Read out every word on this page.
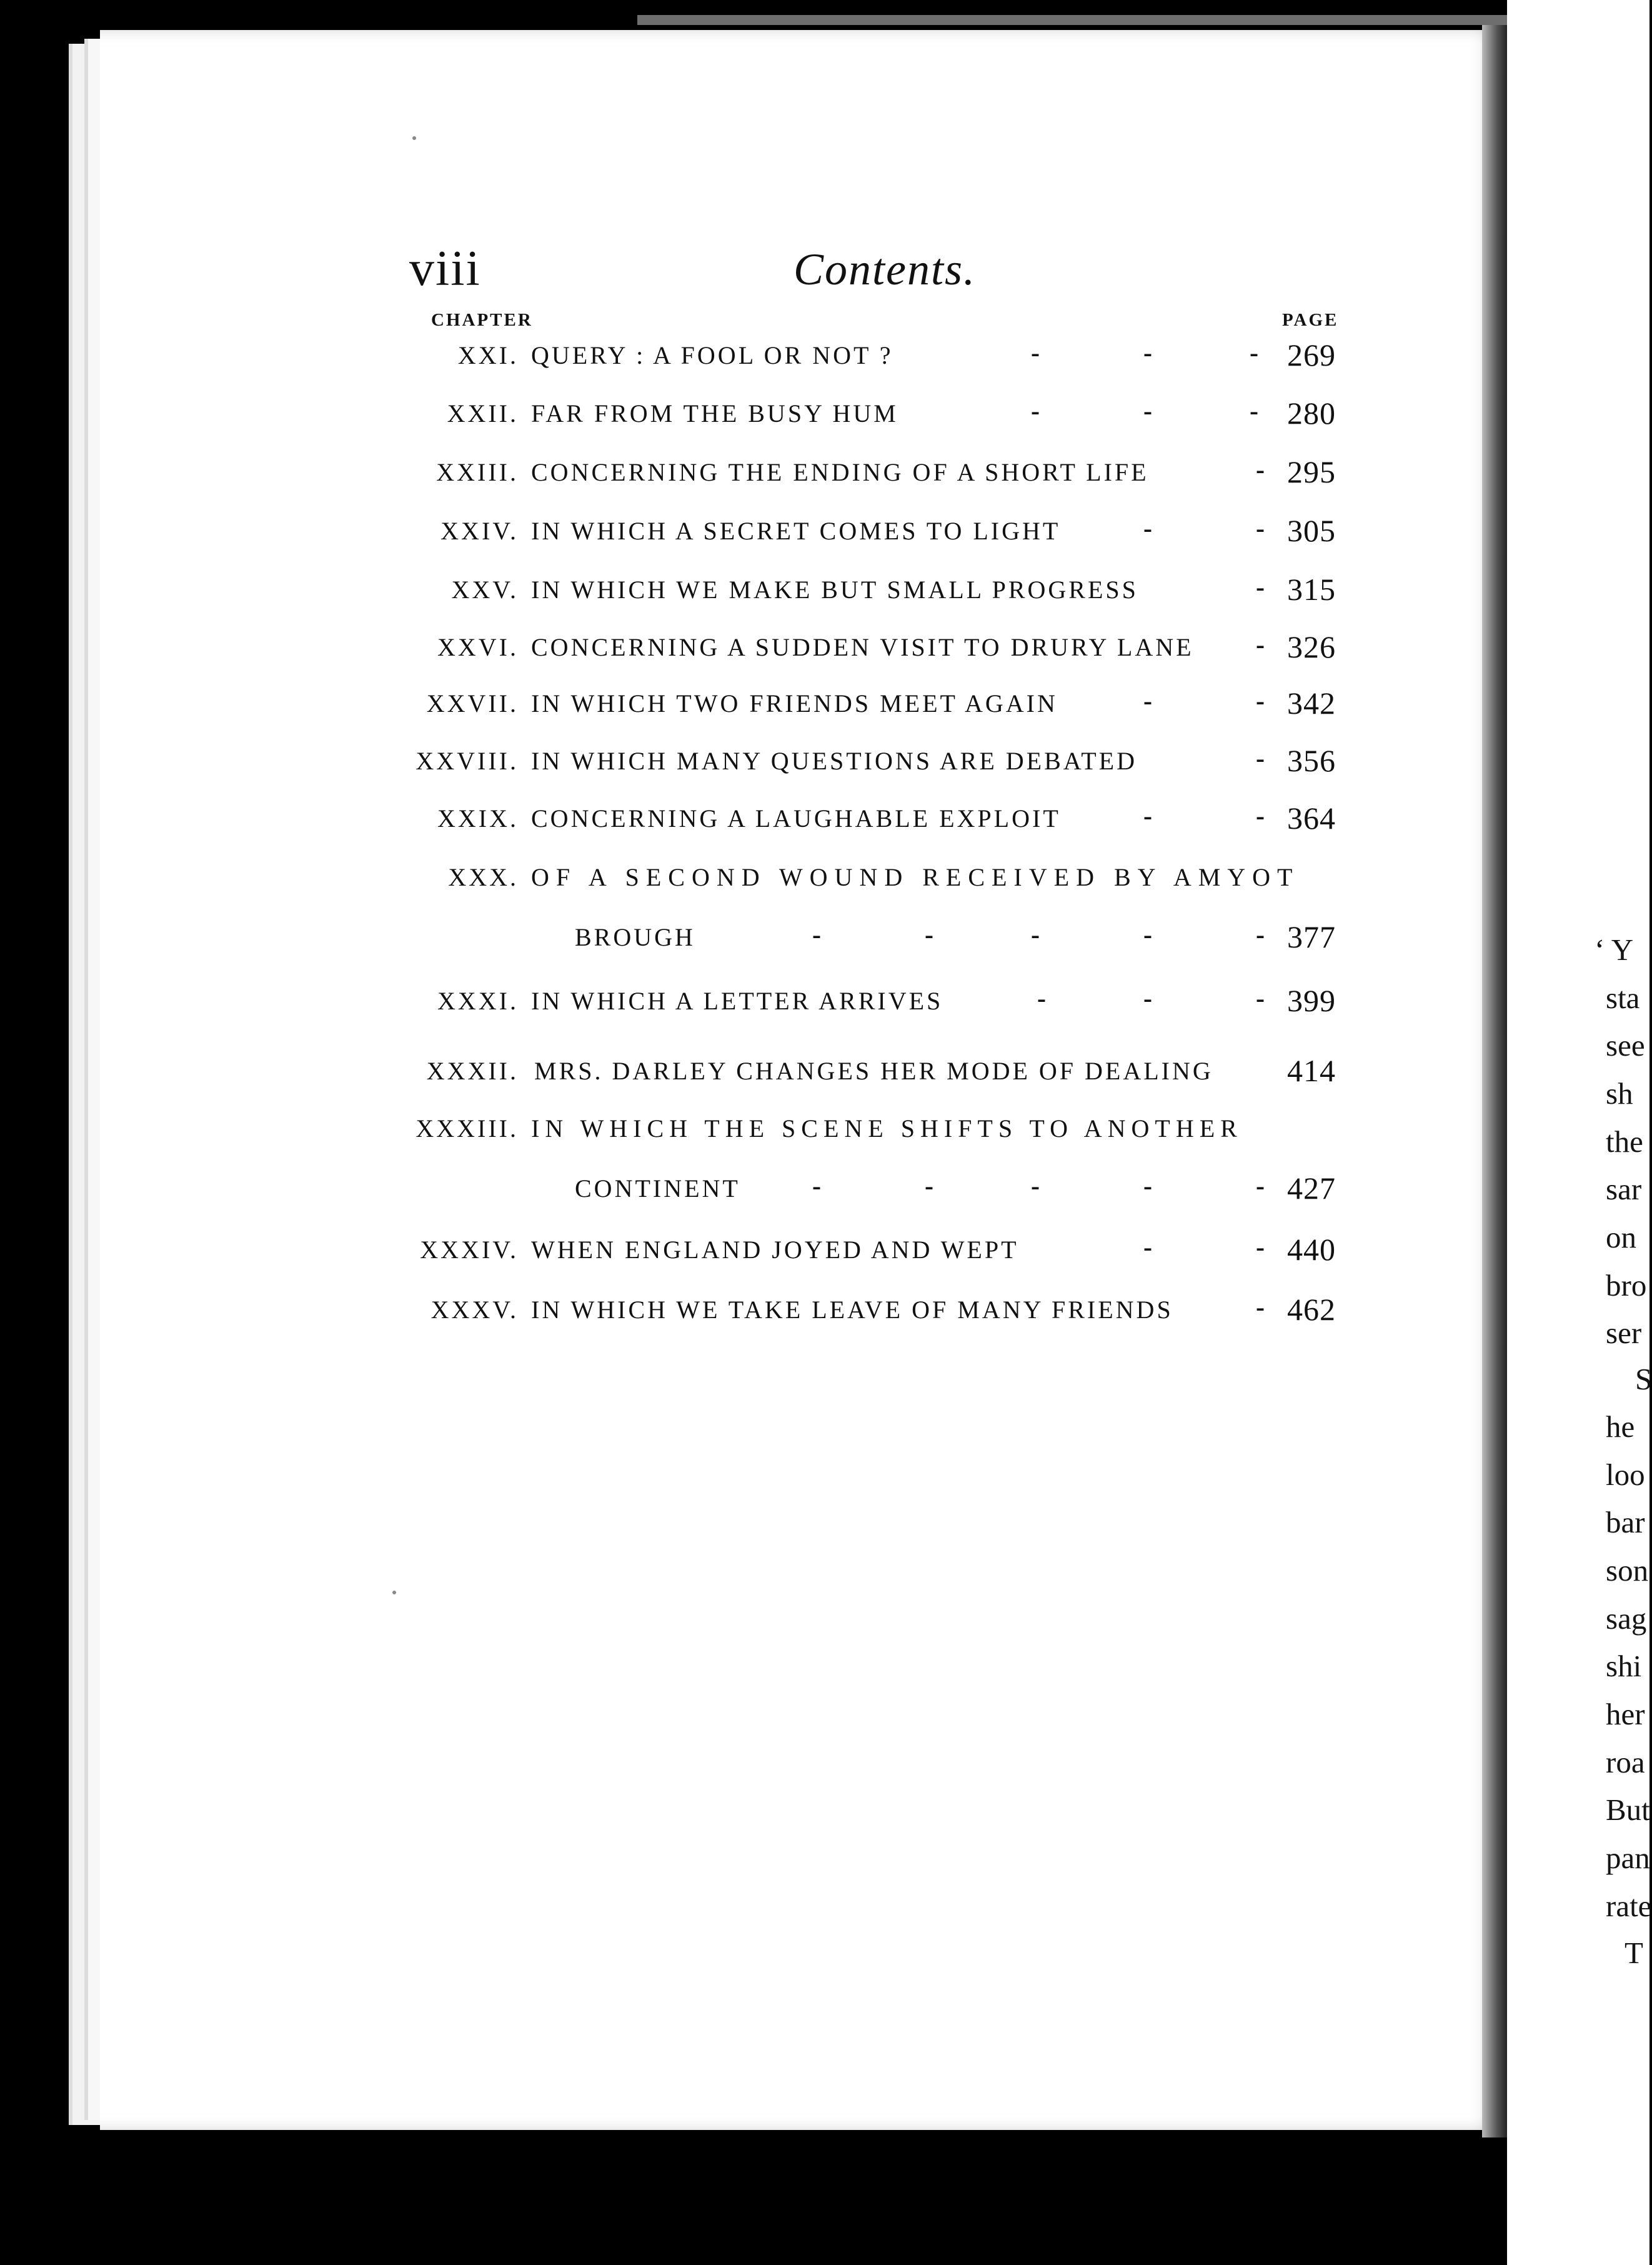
‘ Y
sta
see
sh
the
sar
on
bro
ser
S
he
loo
bar
son
sag
shi
her
roa
But
pan
rate
T
viii	Contents.
CHAPTER	PAGE
XXI. QUERY : A FOOL OR NOT ?	-	-	- 269
XXII. FAR FROM THE BUSY HUM	-	-	- 280
XXIII. CONCERNING THE ENDING OF A SHORT LIFE	- 295
XXIV. IN WHICH A SECRET COMES TO LIGHT	-	- 305
XXV. IN WHICH WE MAKE BUT SMALL PROGRESS	- 315
XXVI. CONCERNING A SUDDEN VISIT TO DRURY LANE - 326
XXVII. IN WHICH TWO FRIENDS MEET AGAIN	-	- 342
XXVIII. IN WHICH MANY QUESTIONS ARE DEBATED	- 356
XXIX. CONCERNING A LAUGHABLE EXPLOIT	-	- 364
XXX. OF A SECOND WOUND RECEIVED BY AMYOT
BROUGH	-	-	-	-	- 377
XXXI. IN WHICH A LETTER ARRIVES	-	-	- 399
XXXII. MRS. DARLEY CHANGES HER MODE OF DEALING 414
XXXIII. IN WHICH THE SCENE SHIFTS TO ANOTHER
CONTINENT	-	-	-	-	- 427
XXXIV. WHEN ENGLAND JOYED AND WEPT	-	- 440
XXXV. IN WHICH WE TAKE LEAVE OF MANY FRIENDS	- 462
